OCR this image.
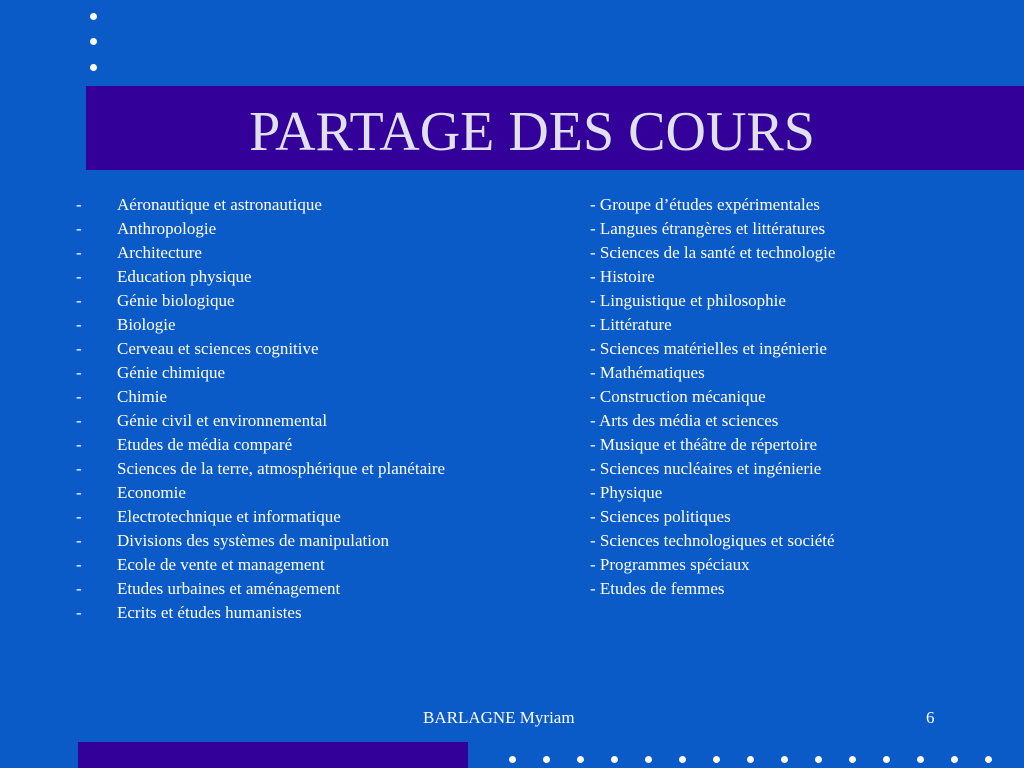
PARTAGE DES COURS
-	Aéronautique et astronautique
-	Anthropologie
-	Architecture
-	Education physique
-	Génie biologique
-	Biologie
-	Cerveau et sciences cognitive
-	Génie chimique
-	Chimie
-	Génie civil et environnemental
-	Etudes de média comparé
-	Sciences de la terre, atmosphérique et planétaire
-	Economie
-	Electrotechnique et informatique
-	Divisions des systèmes de manipulation
-	Ecole de vente et management
-	Etudes urbaines et aménagement
-	Ecrits et études humanistes
- Groupe d’études expérimentales
- Langues étrangères et littératures
- Sciences de la santé et technologie
- Histoire
- Linguistique et philosophie
- Littérature
- Sciences matérielles et ingénierie
- Mathématiques
- Construction mécanique
- Arts des média et sciences
- Musique et théâtre de répertoire
- Sciences nucléaires et ingénierie
- Physique
- Sciences politiques
- Sciences technologiques et société
- Programmes spéciaux
- Etudes de femmes
BARLAGNE Myriam	6
